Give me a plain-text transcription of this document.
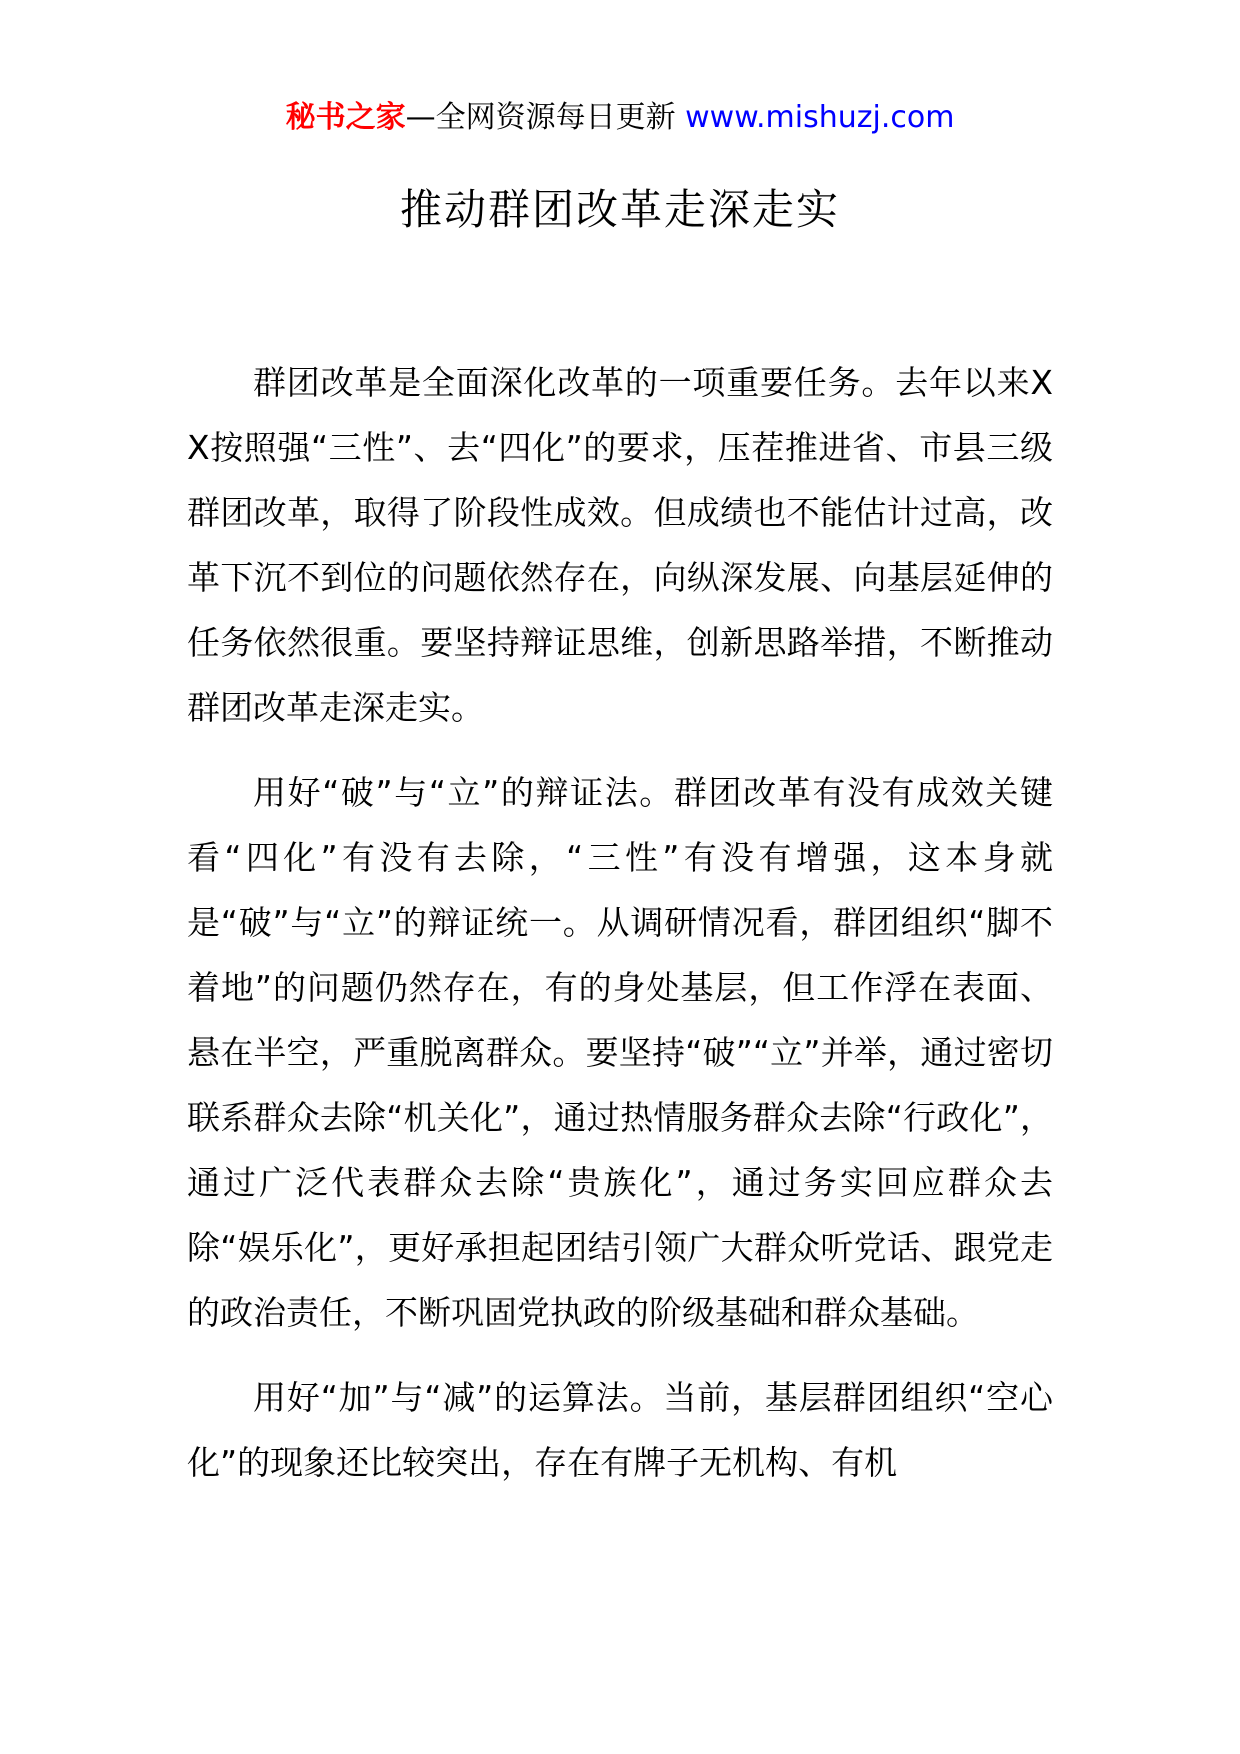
秘书之家—全网资源每日更新 www.mishuzj.com
推动群团改革走深走实

群团改革是全面深化改革的一项重要任务。去年以来XX按照强“三性”、去“四化”的要求，压茬推进省、市县三级群团改革，取得了阶段性成效。但成绩也不能估计过高，改革下沉不到位的问题依然存在，向纵深发展、向基层延伸的任务依然很重。要坚持辩证思维，创新思路举措，不断推动群团改革走深走实。

用好“破”与“立”的辩证法。群团改革有没有成效关键看“四化”有没有去除，“三性”有没有增强，这本身就是“破”与“立”的辩证统一。从调研情况看，群团组织“脚不着地”的问题仍然存在，有的身处基层，但工作浮在表面、悬在半空，严重脱离群众。要坚持“破”“立”并举，通过密切联系群众去除“机关化”，通过热情服务群众去除“行政化”，通过广泛代表群众去除“贵族化”，通过务实回应群众去除“娱乐化”，更好承担起团结引领广大群众听党话、跟党走的政治责任，不断巩固党执政的阶级基础和群众基础。

用好“加”与“减”的运算法。当前，基层群团组织“空心化”的现象还比较突出，存在有牌子无机构、有机
